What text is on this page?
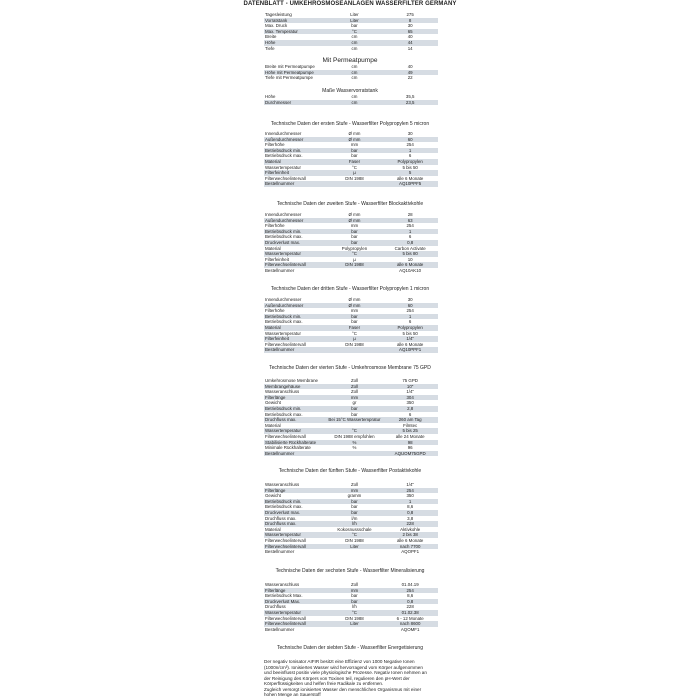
DATENBLATT - UMKEHROSMOSEANLAGEN WASSERFILTER GERMANY
Tagesleistung	Liter	275
Vorratstank	Liter	8
Max. Druck	bar	30
Max. Temperatur	°C	65
Breite	cm	40
Höhe	cm	44
Tiefe	cm	14
Mit Permeatpumpe
Breite mit Permeatpumpe	cm	40
Höhe mit Permeatpumpe	cm	49
Tiefe mit Permeatpumpe	cm	22
Maße Wasservorratstank
Höhe	cm	35,5
Durchmesser	cm	23,5
Technische Daten der ersten Stufe - Wasserfilter Polypropylen 5 micron
Innendurchmesser	Ø mm	30
Außendurchmesser	Ø mm	60
Filterhöhe	mm	254
Betriebsdruck min.	bar	1
Betriebsdruck max.	bar	6
Material	Faser	Polypropylen
Wassertemperatur	°C	5 bis 50
Filterfeinheit	µ	5
Filterwechselintervall	DIN 1988	alle 6 Monate
Bestellnummer	AQ10PPF5
Technische Daten der zweiten Stufe - Wasserfilter Blockaktivkohle
Innendurchmesser	Ø mm	28
Außendurchmesser	Ø mm	63
Filterhöhe	mm	254
Betriebsdruck min.	bar	1
Betriebsdruck max.	bar	6
Druckverlust max.	bar	0,8
Material	Polypropylen	Carbon Activate
Wassertemperatur	°C	5 bis 80
Filterfeinheit	µ	10
Filterwechselintervall	DIN 1988	alle 6 Monate
Bestellnummer	AQ10AK10
Technische Daten der dritten Stufe - Wasserfilter Polypropylen 1 micron
Innendurchmesser	Ø mm	30
Außendurchmesser	Ø mm	60
Filterhöhe	mm	254
Betriebsdruck min.	bar	1
Betriebsdruck max.	bar	6
Material	Faser	Polypropylen
Wassertemperatur	°C	5 bis 50
Filterfeinheit	µ	1/4"
Filterwechselintervall	DIN 1988	alle 6 Monate
Bestellnummer	AQ10PPF1
Technische Daten der vierten Stufe - Umkehrosmose Membrane 75 GPD
Umkehrosmose Membrane	Zoll	75 GPD
Membrangehäuse	Zoll	10"
Wasseranschluss	Zoll	1/4"
Filterlänge	mm	304
Gewicht	gr	350
Betriebsdruck min.	bar	2,8
Betriebsdruck max.	bar	6
Druchfluss max.	Bei 15°C Wassertempratur	260 am Tag
Material	Filmtec
Wassertemperatur	°C	5 bis 25
Filterwechselintervall	DIN 1988 empfohlen	alle 24 Monate
Stabilisierte Rückhalterate	%	98
Minimale Rückhalterate	%	96
Bestellnummer	AQUOM75GPD
Technische Daten der fünften Stufe - Wasserfilter Postaktivkohle
Wasseranschluss	Zoll	1/4"
Filterlänge	mm	254
Gewicht	gramm	350
Betriebsdruck min.	bar	1
Betriebsdruck max.	bar	8,6
Druckverlust max.	bar	0,8
Druchfluss max.	l/m	3,8
Druchfluss max.	l/h	228
Material	Kokosnussschale	Aktivkohle
Wassertemperatur	°C	2 bis 38
Filterwechselintervall	DIN 1988	alle 6 Monate
Filterwechselintervall	Liter	nach 7700
Bestellnummer	AQOPF1
Technische Daten der sechsten Stufe - Wasserfilter Mineralisierung
Wasseranschluss	Zoll	01.04.19
Filterlänge	mm	254
Betriebsdruck Max.	bar	8,6
Druckverlust Max.	bar	0,8
Druchfluss	l/h	228
Wassertemperatur	°C	01.02.38
Filterwechselintervall	DIN 1988	6 - 12 Monate
Filterwechselintervall	Liter	nach 8600
Bestellnummer	AQOMF1
Technische Daten der siebten Stufe - Wasserfilter Energetisierung
Der negativ Ionisator AIFIR besitzt eine Effizienz von 1000 Negative Ionen
(1000n/cm³). Ionisiertes Wasser wird hervorragend vom Körper aufgenommen
und beeinflusst positiv viele physiologische Prozesse. Negativ Ionen nehmen an
der Reinigung des Körpers von Toxinen teil, regulieren den pH-Wert der
Körperflüssigkeiten und helfen freie Radikale zu entfernen.
Zugleich versorgt ionisiertes Wasser den menschlichen Organismus mit einer
hohen Menge an Sauerstoff
